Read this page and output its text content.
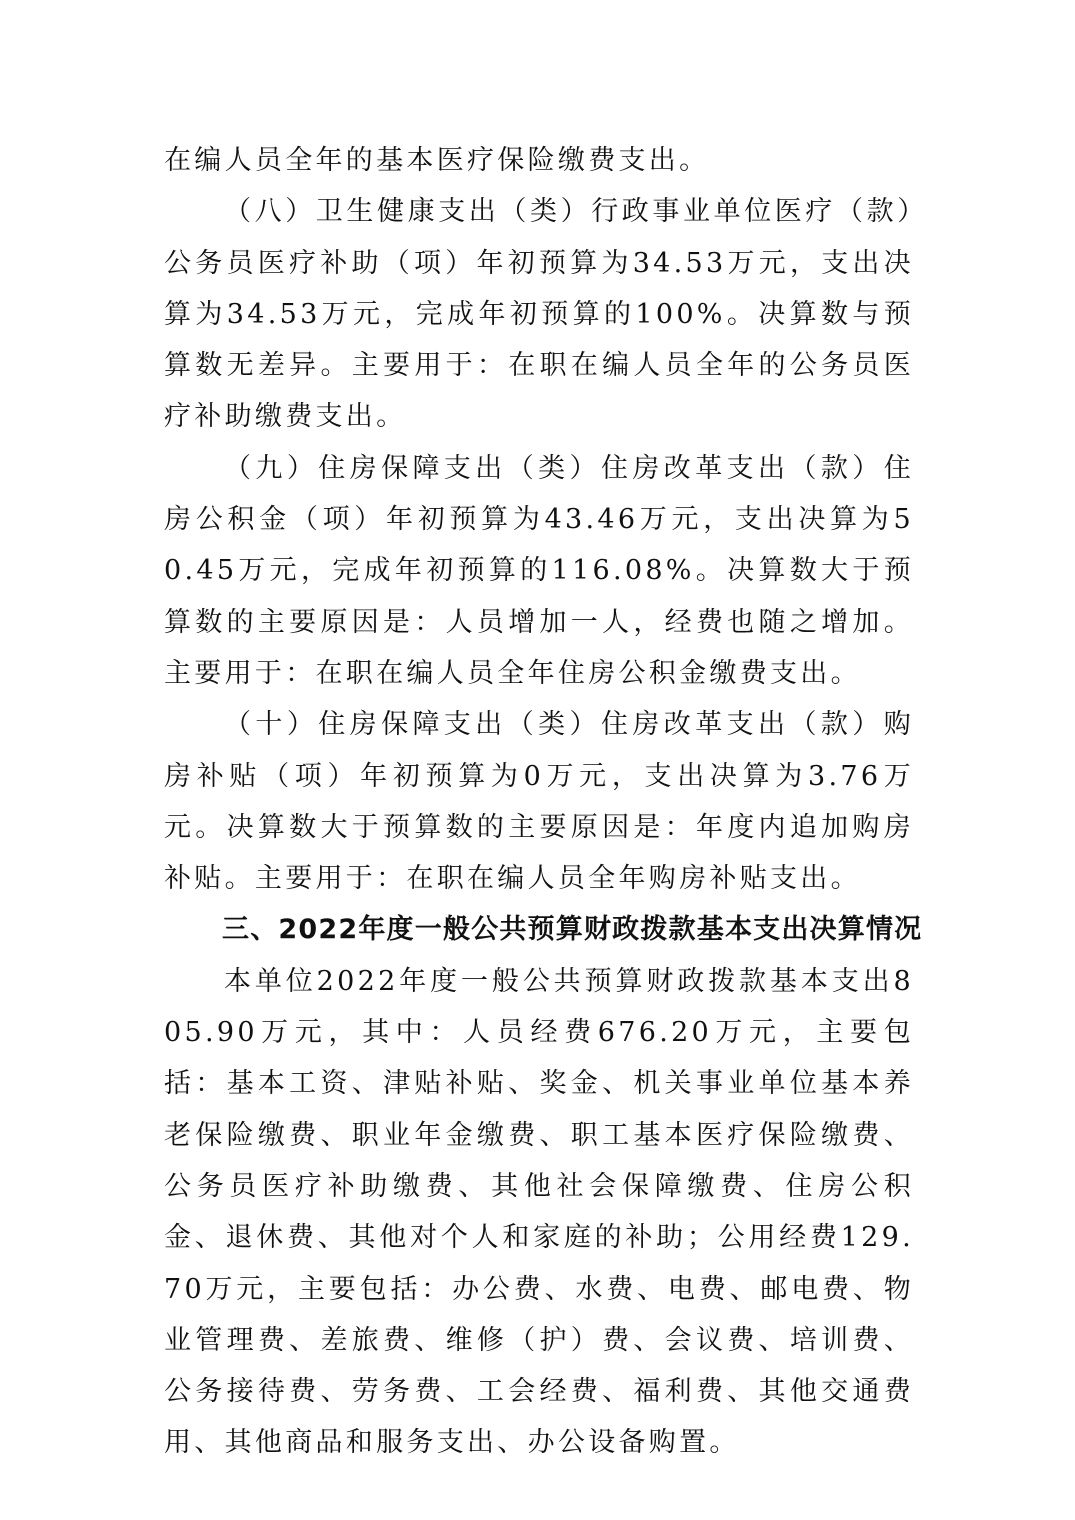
在编人员全年的基本医疗保险缴费支出。

（八）卫生健康支出（类）行政事业单位医疗（款）公务员医疗补助（项）年初预算为34.53万元，支出决算为34.53万元，完成年初预算的100%。决算数与预算数无差异。主要用于：在职在编人员全年的公务员医疗补助缴费支出。

（九）住房保障支出（类）住房改革支出（款）住房公积金（项）年初预算为43.46万元，支出决算为50.45万元，完成年初预算的116.08%。决算数大于预算数的主要原因是：人员增加一人，经费也随之增加。主要用于：在职在编人员全年住房公积金缴费支出。

（十）住房保障支出（类）住房改革支出（款）购房补贴（项）年初预算为0万元，支出决算为3.76万元。决算数大于预算数的主要原因是：年度内追加购房补贴。主要用于：在职在编人员全年购房补贴支出。

三、2022年度一般公共预算财政拨款基本支出决算情况

本单位2022年度一般公共预算财政拨款基本支出805.90万元，其中：人员经费676.20万元，主要包括：基本工资、津贴补贴、奖金、机关事业单位基本养老保险缴费、职业年金缴费、职工基本医疗保险缴费、公务员医疗补助缴费、其他社会保障缴费、住房公积金、退休费、其他对个人和家庭的补助；公用经费129.70万元，主要包括：办公费、水费、电费、邮电费、物业管理费、差旅费、维修（护）费、会议费、培训费、公务接待费、劳务费、工会经费、福利费、其他交通费用、其他商品和服务支出、办公设备购置。
